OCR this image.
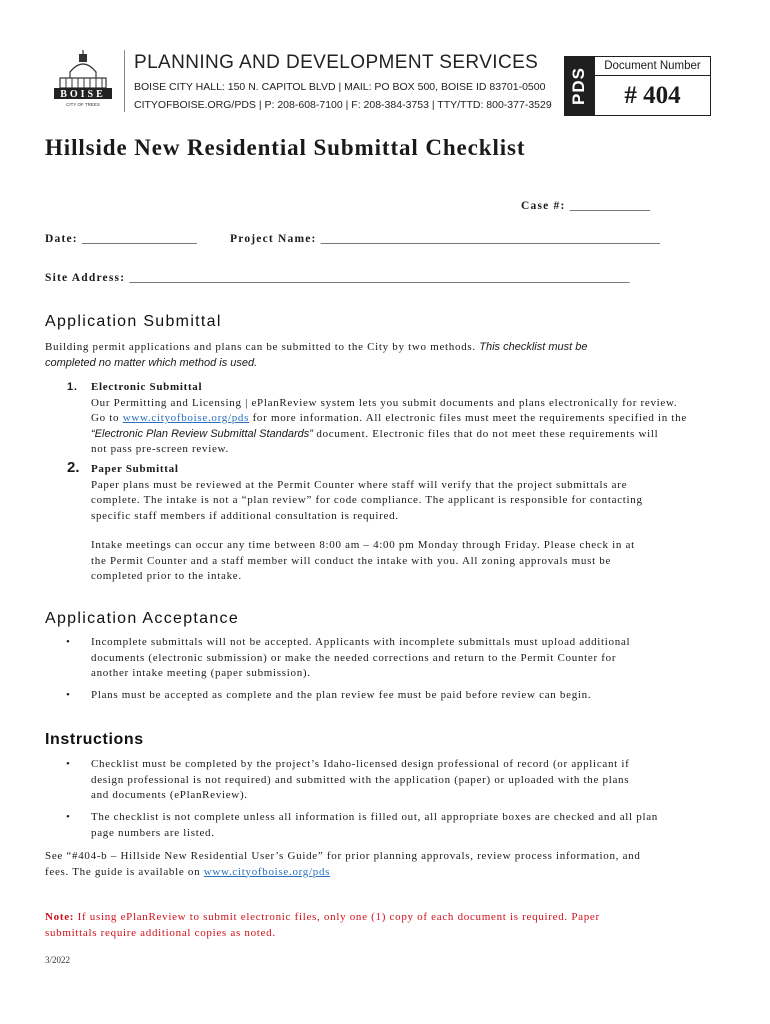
BOISE
CITY OF TREES
PLANNING AND DEVELOPMENT SERVICES
BOISE CITY HALL: 150 N. CAPITOL BLVD | MAIL: PO BOX 500, BOISE ID 83701-0500
CITYOFBOISE.ORG/PDS | P: 208-608-7100 | F: 208-384-3753 | TTY/TTD: 800-377-3529
PDS
Document Number
# 404
Hillside New Residential Submittal Checklist
Case #: ______________
Date: ____________________	Project Name: ___________________________________________________________
Site Address: _______________________________________________________________________________________
Application Submittal
Building permit applications and plans can be submitted to the City by two methods. This checklist must be
completed no matter which method is used.
1. Electronic Submittal
Our Permitting and Licensing | ePlanReview system lets you submit documents and plans electronically for review.
Go to www.cityofboise.org/pds for more information. All electronic files must meet the requirements specified in the
“Electronic Plan Review Submittal Standards” document. Electronic files that do not meet these requirements will
not pass pre-screen review.
2. Paper Submittal
Paper plans must be reviewed at the Permit Counter where staff will verify that the project submittals are
complete. The intake is not a “plan review” for code compliance. The applicant is responsible for contacting
specific staff members if additional consultation is required.
Intake meetings can occur any time between 8:00 am – 4:00 pm Monday through Friday. Please check in at
the Permit Counter and a staff member will conduct the intake with you. All zoning approvals must be
completed prior to the intake.
Application Acceptance
• Incomplete submittals will not be accepted. Applicants with incomplete submittals must upload additional
documents (electronic submission) or make the needed corrections and return to the Permit Counter for
another intake meeting (paper submission).
• Plans must be accepted as complete and the plan review fee must be paid before review can begin.
Instructions
• Checklist must be completed by the project’s Idaho-licensed design professional of record (or applicant if
design professional is not required) and submitted with the application (paper) or uploaded with the plans
and documents (ePlanReview).
• The checklist is not complete unless all information is filled out, all appropriate boxes are checked and all plan
page numbers are listed.
See “#404-b – Hillside New Residential User’s Guide” for prior planning approvals, review process information, and
fees. The guide is available on www.cityofboise.org/pds
Note: If using ePlanReview to submit electronic files, only one (1) copy of each document is required. Paper
submittals require additional copies as noted.
3/2022
